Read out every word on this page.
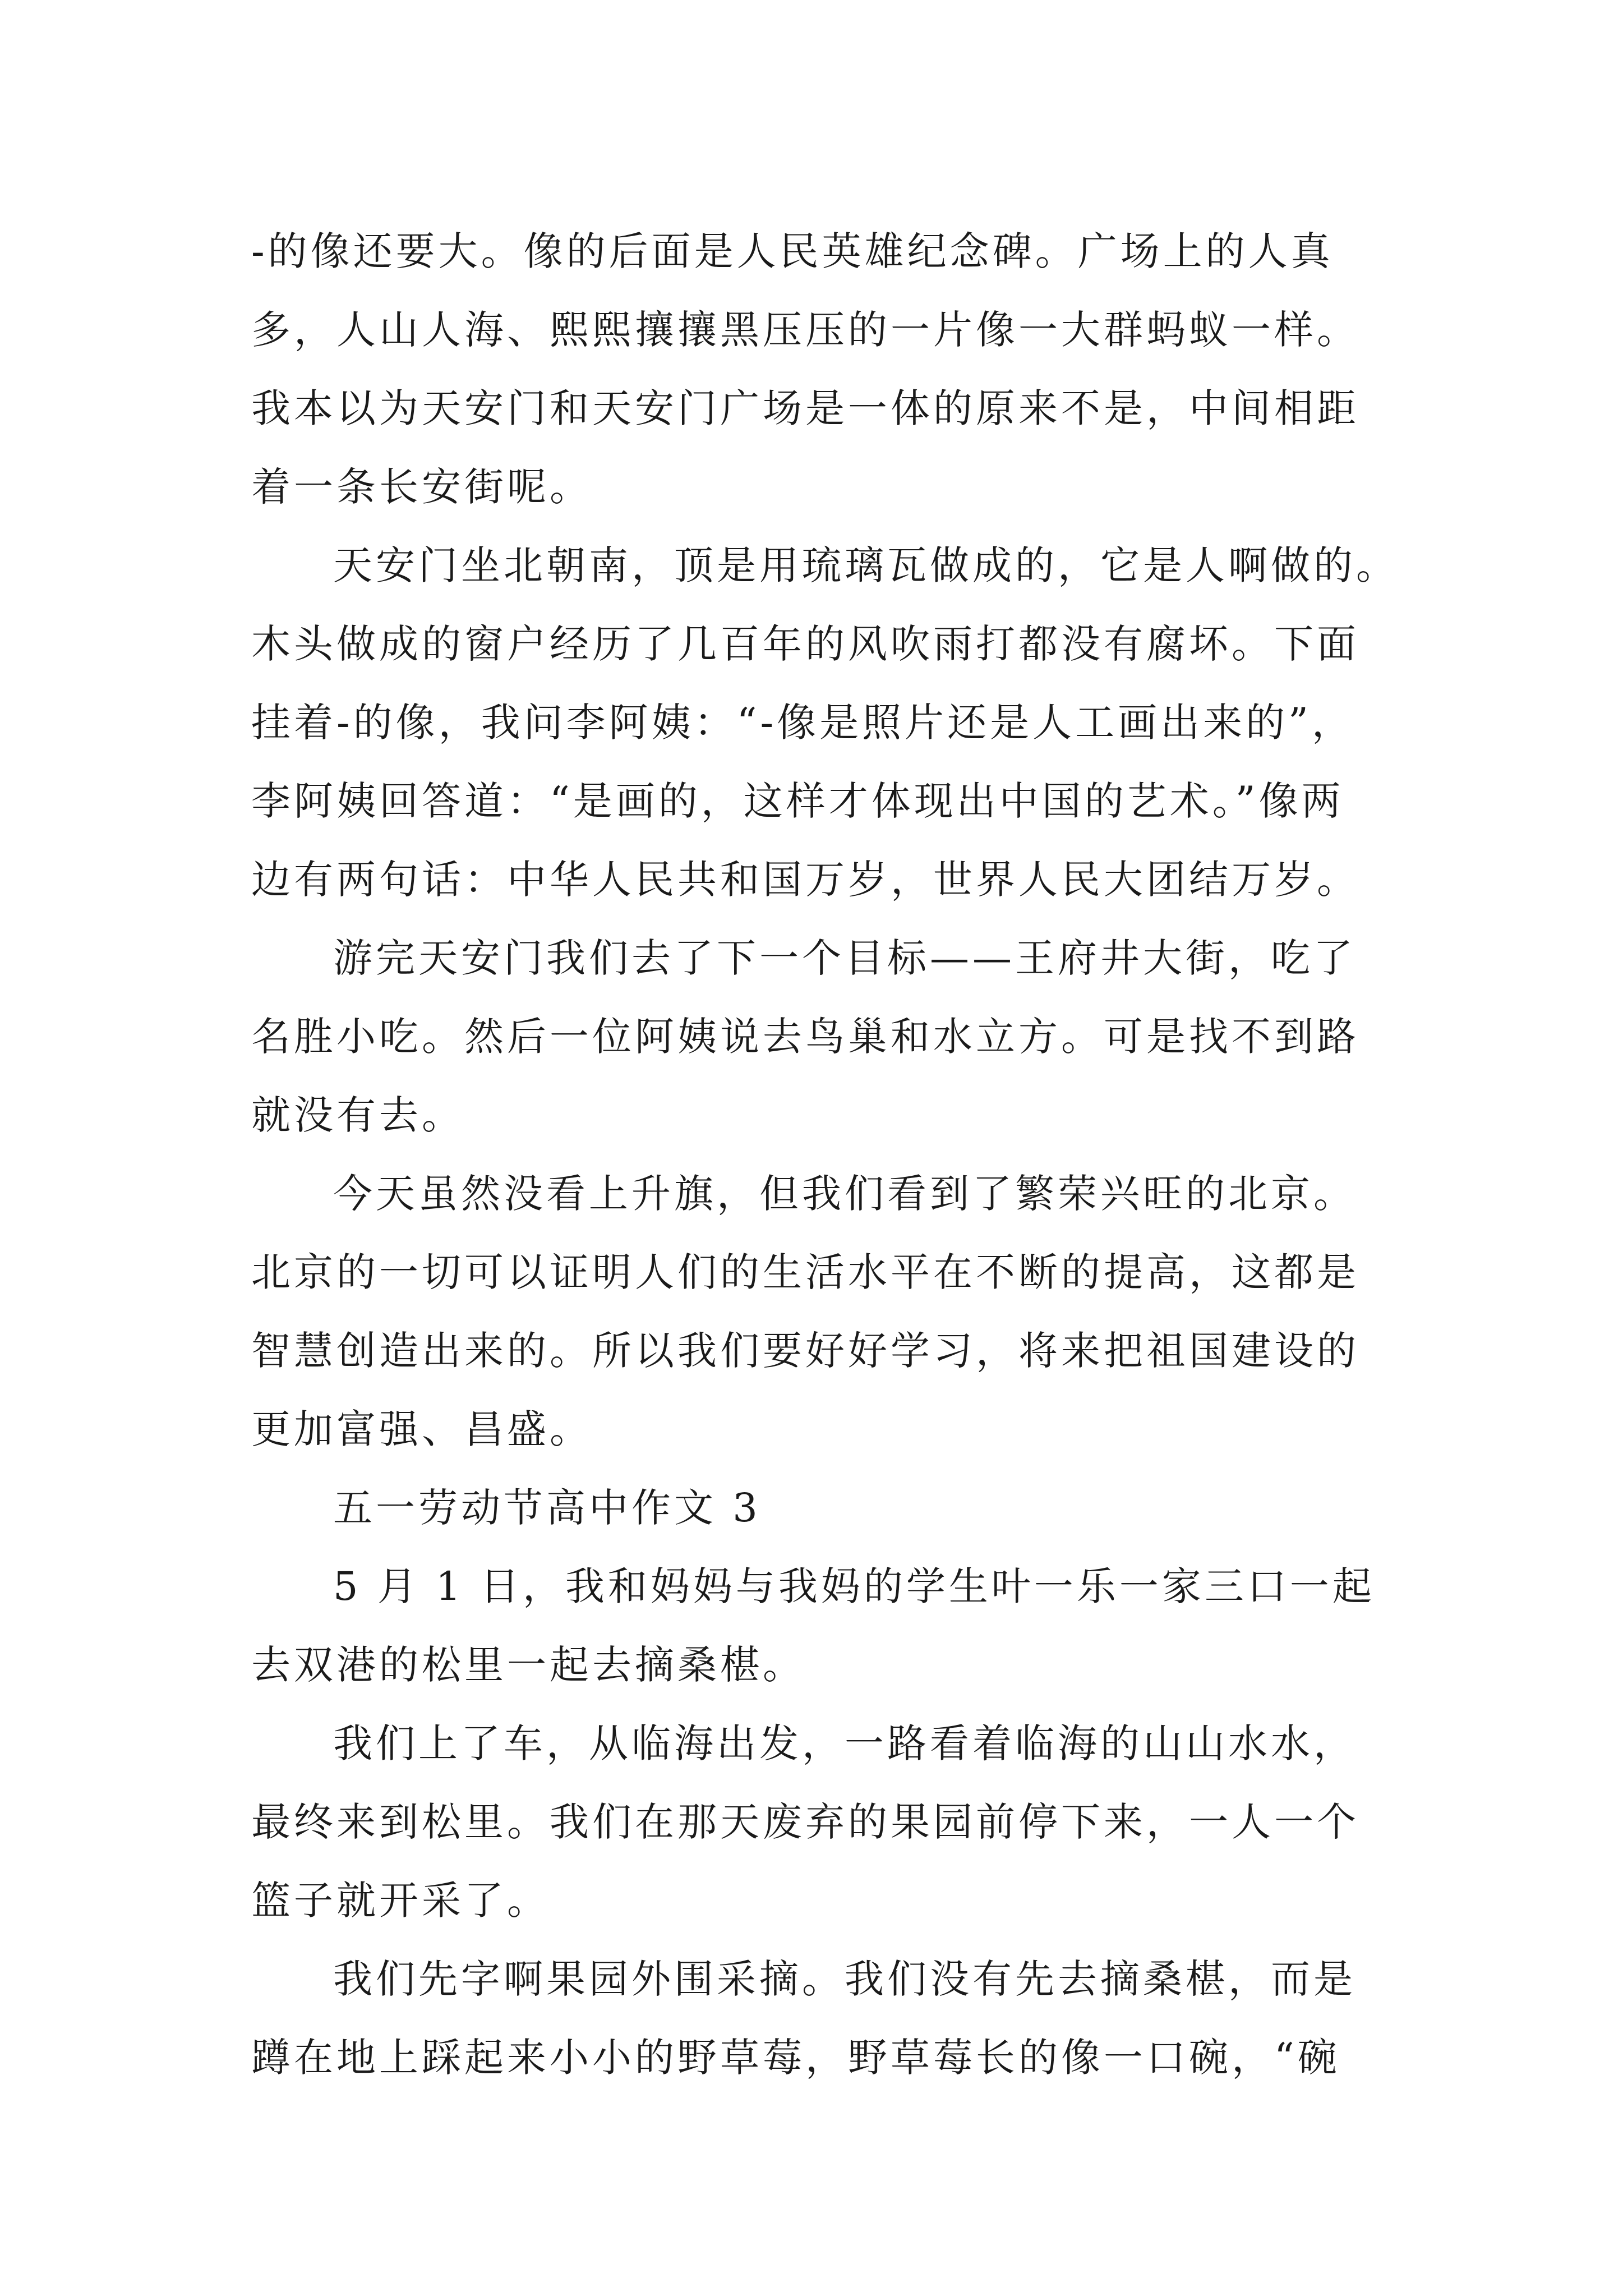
-的像还要大。像的后面是人民英雄纪念碑。广场上的人真
多，人山人海、熙熙攘攘黑压压的一片像一大群蚂蚁一样。
我本以为天安门和天安门广场是一体的原来不是，中间相距
着一条长安街呢。
天安门坐北朝南，顶是用琉璃瓦做成的，它是人啊做的。
木头做成的窗户经历了几百年的风吹雨打都没有腐坏。下面
挂着-的像，我问李阿姨：“-像是照片还是人工画出来的”，
李阿姨回答道：“是画的，这样才体现出中国的艺术。”像两
边有两句话：中华人民共和国万岁，世界人民大团结万岁。
游完天安门我们去了下一个目标——王府井大街，吃了
名胜小吃。然后一位阿姨说去鸟巢和水立方。可是找不到路
就没有去。
今天虽然没看上升旗，但我们看到了繁荣兴旺的北京。
北京的一切可以证明人们的生活水平在不断的提高，这都是
智慧创造出来的。所以我们要好好学习，将来把祖国建设的
更加富强、昌盛。
五一劳动节高中作文 3
5 月 1 日，我和妈妈与我妈的学生叶一乐一家三口一起
去双港的松里一起去摘桑椹。
我们上了车，从临海出发，一路看着临海的山山水水，
最终来到松里。我们在那天废弃的果园前停下来，一人一个
篮子就开采了。
我们先字啊果园外围采摘。我们没有先去摘桑椹，而是
蹲在地上踩起来小小的野草莓，野草莓长的像一口碗，“碗
